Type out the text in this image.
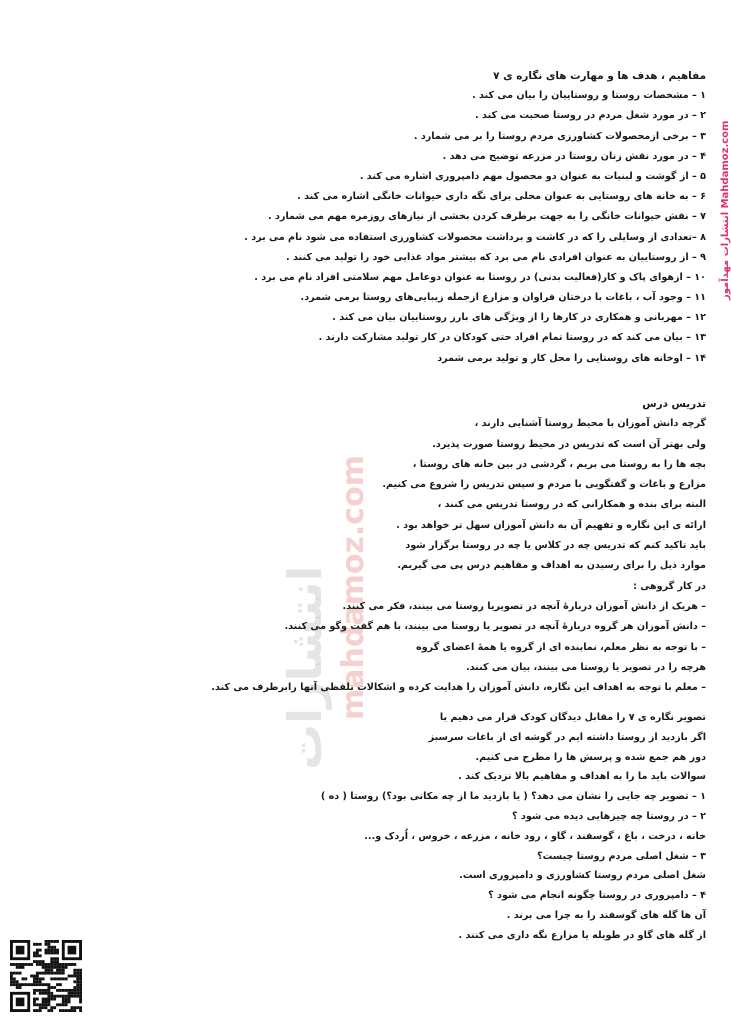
انتشارات mahdamoz.com
انتشارات مهدآموز Mahdamoz.com
مفاهیم ، هدف ها و مهارت های نگاره ی ۷
۱ – مشخصات روستا و روستاییان را بیان می کند .
۲ – در مورد شغل مردم در روستا صحبت می کند .
۳ – برخی ازمحصولات کشاورزی مردم روستا را بر می شمارد .
۴ – در مورد نقش زنان روستا در مزرعه توضیح می دهد .
۵ – از گوشت و لبنیات به عنوان دو محصول مهم دامپروری اشاره می کند .
۶ – به خانه های روستایی به عنوان محلی برای نگه داری حیوانات خانگی اشاره می کند .
۷ – نقش حیوانات خانگی را به جهت برطرف کردن بخشی از نیازهای روزمره مهم می شمارد .
۸ –تعدادی از وسایلی را که در کاشت و برداشت محصولات کشاورزی استفاده می شود نام می برد .
۹ – از روستاییان به عنوان افرادی نام می برد که بیشتر مواد غذایی خود را تولید می کنند .
۱۰ – ازهوای پاک و کار(فعالیت بدنی) در روستا به عنوان دوعامل مهم سلامتی افراد نام می برد .
۱۱ – وجود آب ، باغات با درختان فراوان و مزارع ازجمله زیبایی‌های روستا برمی شمرد.
۱۲ – مهربانی و همکاری در کارها را از ویژگی های بارز روستاییان بیان می کند .
۱۳ – بیان می کند که در روستا تمام افراد حتی کودکان در کار تولید مشارکت دارند .
۱۴ – اوخانه های روستایی را محل کار و تولید برمی شمرد
تدریس درس
گرچه دانش آموزان با محیط روستا آشنایی دارند ،
ولی بهتر آن است که تدریس در محیط روستا صورت پذیرد.
بچه ها را به روستا می بریم ، گردشی در بین خانه های روستا ،
مزارع و باغات و گفتگویی با مردم و سپس تدریس را شروع می کنیم.
البته برای بنده و همکارانی که در روستا تدریس می کنند ،
ارائه ی این نگاره و تفهیم آن به دانش آموزان سهل تر خواهد بود .
باید تاکید کنم که تدریس چه در کلاس یا چه در روستا برگزار شود
موارد ذیل را برای رسیدن به اهداف و مفاهیم درس پی می گیریم.
در کار گروهی :
– هریک از دانش آموزان دربارهٔ آنچه در تصویریا روستا می بینند، فکر می کنند.
– دانش آموزان هر گروه دربارهٔ آنچه در تصویر یا روستا می بینند، با هم گفت وگو می کنند.
– با توجه به نظر معلم، نماینده ای از گروه یا همهٔ اعضای گروه
هرچه را در تصویر یا روستا می بینند، بیان می کنند.
– معلم با توجه به اهداف این نگاره، دانش آموزان را هدایت کرده و اشکالات تلفظی آنها رابرطرف می کند.
تصویر نگاره ی ۷ را مقابل دیدگان کودک قرار می دهیم یا
اگر بازدید از روستا داشته ایم در گوشه ای از باغات سرسبز
دور هم جمع شده و پرسش ها را مطرح می کنیم.
سوالات باید ما را به اهداف و مفاهیم بالا نزدیک کند .
۱ – تصویر چه جایی را نشان می دهد؟ ( یا بازدید ما از چه مکانی بود؟) روستا ( ده )
۲ – در روستا چه چیزهایی دیده می شود ؟
خانه ، درخت ، باغ ، گوسفند ، گاو ، رود خانه ، مزرعه ، خروس ، اُردک و...
۳ – شغل اصلی مردم روستا چیست؟
شغل اصلی مردم روستا کشاورزی و دامپروری است.
۴ – دامپروری در روستا چگونه انجام می شود ؟
آن ها گله های گوسفند را به چرا می برند .
از گله های گاو در طویله یا مزارع نگه داری می کنند .
